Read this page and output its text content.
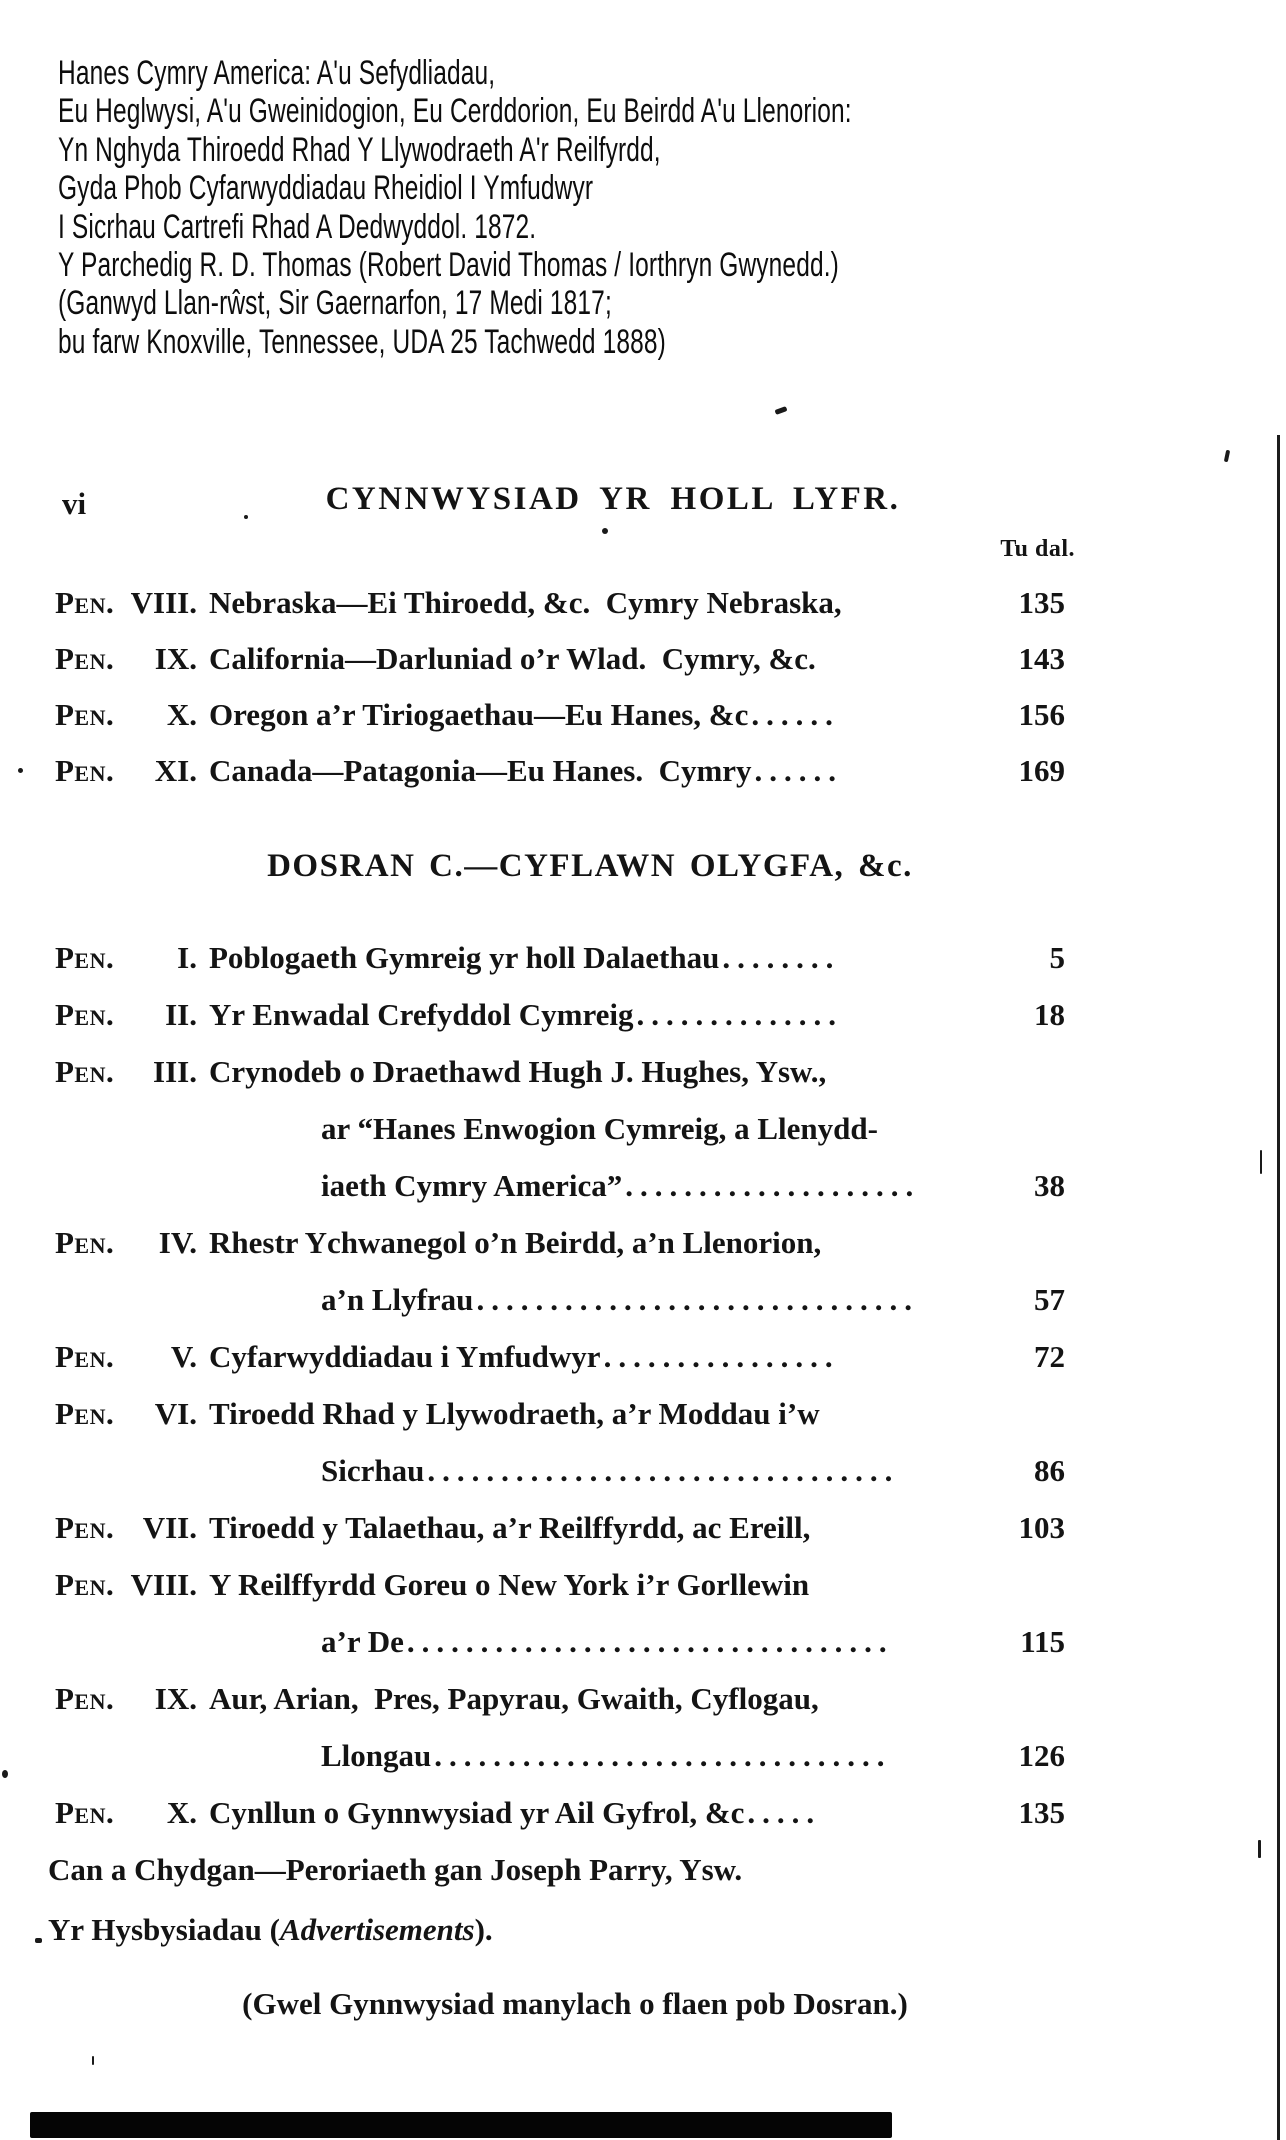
Hanes Cymry America: A'u Sefydliadau,
Eu Heglwysi, A'u Gweinidogion, Eu Cerddorion, Eu Beirdd A'u Llenorion:
Yn Nghyda Thiroedd Rhad Y Llywodraeth A'r Reilfyrdd,
Gyda Phob Cyfarwyddiadau Rheidiol I Ymfudwyr
I Sicrhau Cartrefi Rhad A Dedwyddol. 1872.
Y Parchedig R. D. Thomas (Robert David Thomas / Iorthryn Gwynedd.)
(Ganwyd Llan-rŵst, Sir Gaernarfon, 17 Medi 1817;
bu farw Knoxville, Tennessee, UDA 25 Tachwedd 1888)
vi	CYNNWYSIAD YR HOLL LYFR.
Tu dal.
Pen. VIII. Nebraska—Ei Thiroedd, &c. Cymry Nebraska,	135
Pen.	IX. California—Darluniad o’r Wlad. Cymry, &c.	143
Pen.	X. Oregon a’r Tiriogaethau—Eu Hanes, &c......	156
Pen.	XI. Canada—Patagonia—Eu Hanes. Cymry......	169
DOSRAN C.—CYFLAWN OLYGFA, &c.
Pen.	I. Poblogaeth Gymreig yr holl Dalaethau........	5
Pen.	II. Yr Enwadal Crefyddol Cymreig..............	18
Pen.	III. Crynodeb o Draethawd Hugh J. Hughes, Ysw.,
ar “Hanes Enwogion Cymreig, a Llenydd-
iaeth Cymry America”....................	38
Pen.	IV. Rhestr Ychwanegol o’n Beirdd, a’n Llenorion,
a’n Llyfrau..............................	57
Pen.	V. Cyfarwyddiadau i Ymfudwyr................	72
Pen.	VI. Tiroedd Rhad y Llywodraeth, a’r Moddau i’w
Sicrhau................................	86
Pen. VII. Tiroedd y Talaethau, a’r Reilffyrdd, ac Ereill,	103
Pen. VIII. Y Reilffyrdd Goreu o New York i’r Gorllewin
a’r De.................................	115
Pen.	IX. Aur, Arian, Pres, Papyrau, Gwaith, Cyflogau,
Llongau...............................	126
Pen.	X. Cynllun o Gynnwysiad yr Ail Gyfrol, &c.....	135
Can a Chydgan—Peroriaeth gan Joseph Parry, Ysw.
Yr Hysbysiadau (Advertisements).
(Gwel Gynnwysiad manylach o flaen pob Dosran.)
